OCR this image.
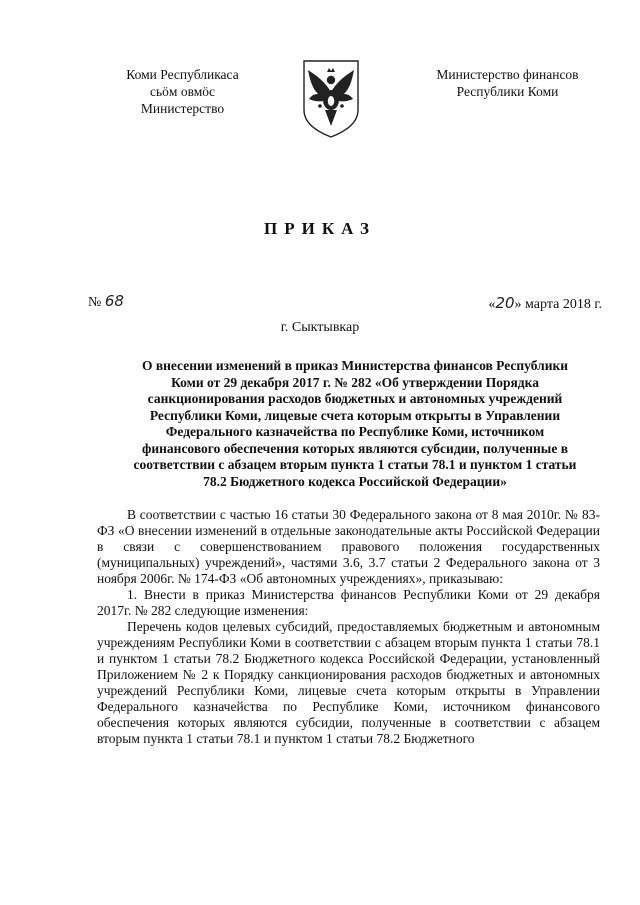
Коми Республикаса
сьӧм овмӧс
Министерство
Министерство финансов
Республики Коми
ПРИКАЗ
№ 68	«20» марта 2018 г.
г. Сыктывкар
О внесении изменений в приказ Министерства финансов Республики
Коми от 29 декабря 2017 г. № 282 «Об утверждении Порядка
санкционирования расходов бюджетных и автономных учреждений
Республики Коми, лицевые счета которым открыты в Управлении
Федерального казначейства по Республике Коми, источником
финансового обеспечения которых являются субсидии, полученные в
соответствии с абзацем вторым пункта 1 статьи 78.1 и пунктом 1 статьи
78.2 Бюджетного кодекса Российской Федерации»

В соответствии с частью 16 статьи 30 Федерального закона от 8 мая 2010г. № 83-ФЗ «О внесении изменений в отдельные законодательные акты Российской Федерации в связи с совершенствованием правового положения государственных (муниципальных) учреждений», частями 3.6, 3.7 статьи 2 Федерального закона от 3 ноября 2006г. № 174-ФЗ «Об автономных учреждениях», приказываю:

1. Внести в приказ Министерства финансов Республики Коми от 29 декабря 2017г. № 282 следующие изменения:

Перечень кодов целевых субсидий, предоставляемых бюджетным и автономным учреждениям Республики Коми в соответствии с абзацем вторым пункта 1 статьи 78.1 и пунктом 1 статьи 78.2 Бюджетного кодекса Российской Федерации, установленный Приложением № 2 к Порядку санкционирования расходов бюджетных и автономных учреждений Республики Коми, лицевые счета которым открыты в Управлении Федерального казначейства по Республике Коми, источником финансового обеспечения которых являются субсидии, полученные в соответствии с абзацем вторым пункта 1 статьи 78.1 и пунктом 1 статьи 78.2 Бюджетного
